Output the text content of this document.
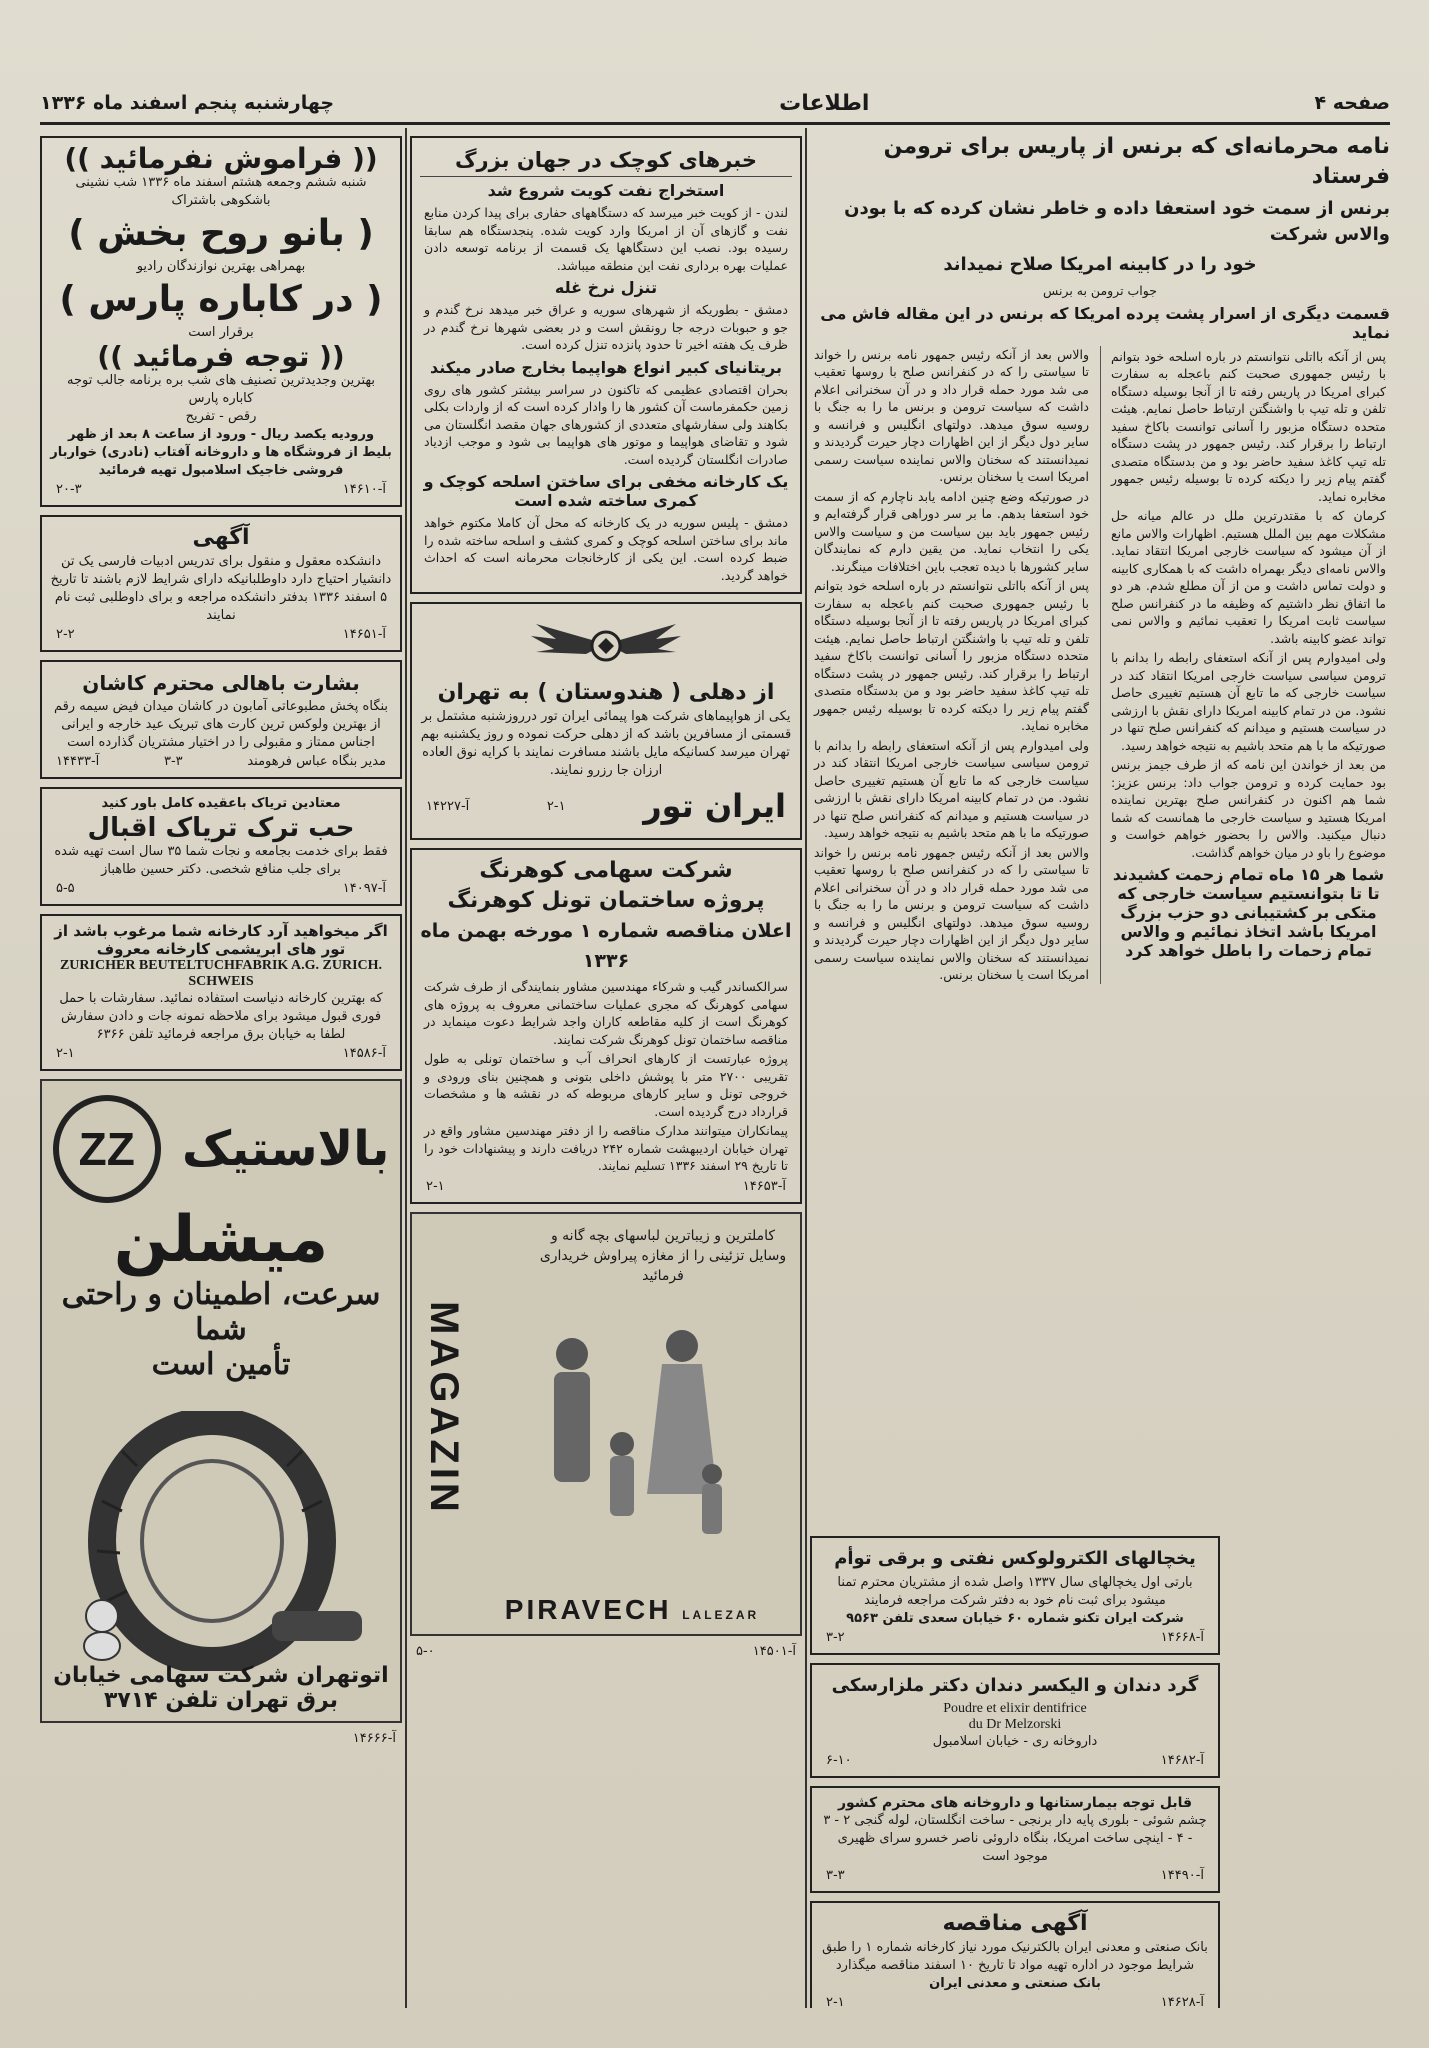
صفحه ۴
اطلاعات
چهارشنبه پنجم اسفند ماه ۱۳۳۶
نامه محرمانه‌ای که برنس از پاریس برای ترومن فرستاد
برنس از سمت خود استعفا داده و خاطر نشان کرده که با بودن والاس شرکت
خود را در کابینه امریکا صلاح نمیداند
جواب ترومن به برنس
قسمت دیگری از اسرار پشت پرده امریکا که برنس در این مقاله فاش می نماید

پس از آنکه بااتلی نتوانستم در باره اسلحه خود بتوانم با رئیس جمهوری صحبت کنم باعجله به سفارت کبرای امریکا در پاریس رفته تا از آنجا بوسیله دستگاه تلفن و تله تیپ با واشنگتن ارتباط حاصل نمایم. هیئت متحده دستگاه مزبور را آسانی توانست باکاخ سفید ارتباط را برقرار کند. رئیس جمهور در پشت دستگاه تله تیپ کاغذ سفید حاضر بود و من بدستگاه متصدی گفتم پیام زیر را دیکته کرده تا بوسیله رئیس جمهور مخابره نماید.

کرمان که با مقتدرترین ملل در عالم میانه حل مشکلات مهم بین الملل هستیم. اظهارات والاس مانع از آن میشود که سیاست خارجی امریکا انتقاد نماید. والاس نامه‌ای دیگر بهمراه داشت که با همکاری کابینه و دولت تماس داشت و من از آن مطلع شدم. هر دو ما اتفاق نظر داشتیم که وظیفه ما در کنفرانس صلح سیاست ثابت امریکا را تعقیب نمائیم و والاس نمی تواند عضو کابینه باشد.

ولی امیدوارم پس از آنکه استعفای رابطه را بدانم با ترومن سیاسی سیاست خارجی امریکا انتقاد کند در سیاست خارجی که ما تابع آن هستیم تغییری حاصل نشود. من در تمام کابینه امریکا دارای نقش با ارزشی در سیاست هستیم و میدانم که کنفرانس صلح تنها در صورتیکه ما با هم متحد باشیم به نتیجه خواهد رسید.

من بعد از خواندن این نامه که از طرف جیمز برنس بود حمایت کرده و ترومن جواب داد: برنس عزیز: شما هم اکنون در کنفرانس صلح بهترین نماینده امریکا هستید و سیاست خارجی ما همانست که شما دنبال میکنید. والاس را بحضور خواهم خواست و موضوع را باو در میان خواهم گذاشت.

شما هر ۱۵ ماه تمام زحمت کشیدند تا تا بتوانستیم سیاست خارجی که متکی بر کشتیبانی دو حزب بزرگ امریکا باشد اتخاذ نمائیم و والاس تمام زحمات را باطل خواهد کرد

والاس بعد از آنکه رئیس جمهور نامه برنس را خواند تا سیاستی را که در کنفرانس صلح با روسها تعقیب می شد مورد حمله قرار داد و در آن سخنرانی اعلام داشت که سیاست ترومن و برنس ما را به جنگ با روسیه سوق میدهد. دولتهای انگلیس و فرانسه و سایر دول دیگر از این اظهارات دچار حیرت گردیدند و نمیدانستند که سخنان والاس نماینده سیاست رسمی امریکا است یا سخنان برنس.

در صورتیکه وضع چنین ادامه یابد ناچارم که از سمت خود استعفا بدهم. ما بر سر دوراهی قرار گرفته‌ایم و رئیس جمهور باید بین سیاست من و سیاست والاس یکی را انتخاب نماید. من یقین دارم که نمایندگان سایر کشورها با دیده تعجب باین اختلافات مینگرند.

پس از آنکه بااتلی نتوانستم در باره اسلحه خود بتوانم با رئیس جمهوری صحبت کنم باعجله به سفارت کبرای امریکا در پاریس رفته تا از آنجا بوسیله دستگاه تلفن و تله تیپ با واشنگتن ارتباط حاصل نمایم. هیئت متحده دستگاه مزبور را آسانی توانست باکاخ سفید ارتباط را برقرار کند. رئیس جمهور در پشت دستگاه تله تیپ کاغذ سفید حاضر بود و من بدستگاه متصدی گفتم پیام زیر را دیکته کرده تا بوسیله رئیس جمهور مخابره نماید.

ولی امیدوارم پس از آنکه استعفای رابطه را بدانم با ترومن سیاسی سیاست خارجی امریکا انتقاد کند در سیاست خارجی که ما تابع آن هستیم تغییری حاصل نشود. من در تمام کابینه امریکا دارای نقش با ارزشی در سیاست هستیم و میدانم که کنفرانس صلح تنها در صورتیکه ما با هم متحد باشیم به نتیجه خواهد رسید.

والاس بعد از آنکه رئیس جمهور نامه برنس را خواند تا سیاستی را که در کنفرانس صلح با روسها تعقیب می شد مورد حمله قرار داد و در آن سخنرانی اعلام داشت که سیاست ترومن و برنس ما را به جنگ با روسیه سوق میدهد. دولتهای انگلیس و فرانسه و سایر دول دیگر از این اظهارات دچار حیرت گردیدند و نمیدانستند که سخنان والاس نماینده سیاست رسمی امریکا است یا سخنان برنس.

یخچالهای الکترولوکس نفتی و برقی توأم
بارتی اول یخچالهای سال ۱۳۳۷ واصل شده از مشتریان محترم تمنا میشود برای ثبت نام خود به دفتر شرکت مراجعه فرمایند
شرکت ایران تکنو شماره ۶۰ خیابان سعدی تلفن ۹۵۶۳
آ-۱۴۶۶۸
۳-۲
گرد دندان و الیکسر دندان دکتر ملزارسکی
Poudre et elixir dentifrice
du Dr Melzorski
داروخانه ری - خیابان اسلامبول
آ-۱۴۶۸۲
۶-۱۰
قابل توجه بیمارستانها و داروخانه های محترم کشور
چشم شوئی - بلوری پایه دار برنجی - ساخت انگلستان، لوله گنجی ۲ - ۳ - ۴ - اینچی ساخت امریکا، بنگاه داروئی ناصر خسرو سرای ظهیری موجود است
آ-۱۴۴۹۰
۳-۳
آگهی مناقصه
بانک صنعتی و معدنی ایران بالکترنیک مورد نیاز کارخانه شماره ۱ را طبق شرایط موجود در اداره تهیه مواد تا تاریخ ۱۰ اسفند مناقصه میگذارد
بانک صنعتی و معدنی ایران
آ-۱۴۶۲۸
۲-۱
خبرهای کوچک در جهان بزرگ
استخراج نفت کویت شروع شد

لندن - از کویت خبر میرسد که دستگاههای حفاری برای پیدا کردن منابع نفت و گازهای آن از امریکا وارد کویت شده. پنجدستگاه هم سابقا رسیده بود. نصب این دستگاهها یک قسمت از برنامه توسعه دادن عملیات بهره برداری نفت این منطقه میباشد.

تنزل نرخ غله

دمشق - بطوریکه از شهرهای سوریه و عراق خبر میدهد نرخ گندم و جو و حبوبات درجه جا رونقش است و در بعضی شهرها نرخ گندم در ظرف یک هفته اخیر تا حدود پانزده تنزل کرده است.

بریتانیای کبیر انواع هواپیما بخارج صادر میکند

بحران اقتصادی عظیمی که تاکنون در سراسر بیشتر کشور های روی زمین حکمفرماست آن کشور ها را وادار کرده است که از واردات بکلی بکاهند ولی سفارشهای متعددی از کشورهای جهان مقصد انگلستان می شود و تقاضای هواپیما و موتور های هواپیما بی شود و موجب ازدیاد صادرات انگلستان گردیده است.

یک کارخانه مخفی برای ساختن اسلحه کوچک و کمری ساخته شده است

دمشق - پلیس سوریه در یک کارخانه که محل آن کاملا مکتوم خواهد ماند برای ساختن اسلحه کوچک و کمری کشف و اسلحه ساخته شده را ضبط کرده است. این یکی از کارخانجات محرمانه است که احداث خواهد گردید.

از دهلی ( هندوستان ) به تهران
یکی از هواپیماهای شرکت هوا پیمائی ایران تور درروزشنبه مشتمل بر قسمتی از مسافرین باشد که از دهلی حرکت نموده و روز یکشنبه بهم تهران میرسد کسانیکه مایل باشند مسافرت نمایند با کرایه نوق العاده ارزان جا رزرو نمایند.
ایران تور
۲-۱
آ-۱۴۲۲۷
شرکت سهامی کوهرنگ
پروژه ساختمان تونل کوهرنگ
اعلان مناقصه شماره ۱ مورخه بهمن ماه ۱۳۳۶

سرالکساندر گیب و شرکاء مهندسین مشاور بنمایندگی از طرف شرکت سهامی کوهرنگ که مجری عملیات ساختمانی معروف به پروژه های کوهرنگ است از کلیه مقاطعه کاران واجد شرایط دعوت مینماید در مناقصه ساختمان تونل کوهرنگ شرکت نمایند.

پروژه عبارتست از کارهای انحراف آب و ساختمان تونلی به طول تقریبی ۲۷۰۰ متر با پوشش داخلی بتونی و همچنین بنای ورودی و خروجی تونل و سایر کارهای مربوطه که در نقشه ها و مشخصات قرارداد درج گردیده است.

پیمانکاران میتوانند مدارک مناقصه را از دفتر مهندسین مشاور واقع در تهران خیابان اردیبهشت شماره ۲۴۲ دریافت دارند و پیشنهادات خود را تا تاریخ ۲۹ اسفند ۱۳۳۶ تسلیم نمایند.

آ-۱۴۶۵۳
۲-۱
MAGAZIN
کاملترین و زیباترین لباسهای بچه گانه و وسایل تزئینی را از مغازه پیراوش خریداری فرمائید
PIRAVECH LALEZAR
آ-۱۴۵۰۱
۵-۰
(( فراموش نفرمائید ))
شنبه ششم وجمعه هشتم اسفند ماه ۱۳۳۶ شب نشینی
باشکوهی باشتراک
( بانو روح بخش )
بهمراهی بهترین نوازندگان رادیو
( در کاباره پارس )
برقرار است
(( توجه فرمائید ))
بهترین وجدیدترین تصنیف های شب بره برنامه جالب توجه کاباره پارس
رقص - تفریح
ورودیه یکصد ریال - ورود از ساعت ۸ بعد از ظهر
بلیط از فروشگاه ها و داروخانه آفتاب (نادری) خواربار فروشی خاجیک اسلامبول تهیه فرمائید
آ-۱۴۶۱۰
۲۰-۳
آگهی
دانشکده معقول و منقول برای تدریس ادبیات فارسی یک تن دانشیار احتیاج دارد داوطلبانیکه دارای شرایط لازم باشند تا تاریخ ۵ اسفند ۱۳۳۶ بدفتر دانشکده مراجعه و برای داوطلبی ثبت نام نمایند
آ-۱۴۶۵۱
۲-۲
بشارت باهالی محترم کاشان
بنگاه پخش مطبوعاتی آمابون در کاشان میدان فیض سیمه رقم از بهترین ولوکس ترین کارت های تبریک عید خارجه و ایرانی اجناس ممتاز و مقبولی را در اختیار مشتریان گذارده است
مدیر بنگاه عباس فرهومند
۳-۳
آ-۱۴۴۳۳
معتادین تریاک باعقیده کامل باور کنید
حب ترک تریاک اقبال
فقط برای خدمت بجامعه و نجات شما ۳۵ سال است تهیه شده برای جلب منافع شخصی. دکتر حسین طاهباز
آ-۱۴۰۹۷
۵-۵
اگر میخواهید آرد کارخانه شما مرغوب باشد از تور های ابریشمی کارخانه معروف
ZURICHER BEUTELTUCHFABRIK A.G. ZURICH. SCHWEIS
که بهترین کارخانه دنیاست استفاده نمائید. سفارشات با حمل فوری قبول میشود برای ملاحظه نمونه جات و دادن سفارش لطفا به خیابان برق مراجعه فرمائید تلفن ۶۳۶۶
آ-۱۴۵۸۶
۲-۱
بالاستیک
ZZ
میشلن
سرعت، اطمینان و راحتی شما
تأمین است
اتوتهران شرکت سهامی خیابان برق تهران تلفن ۳۷۱۴
آ-۱۴۶۶۶
